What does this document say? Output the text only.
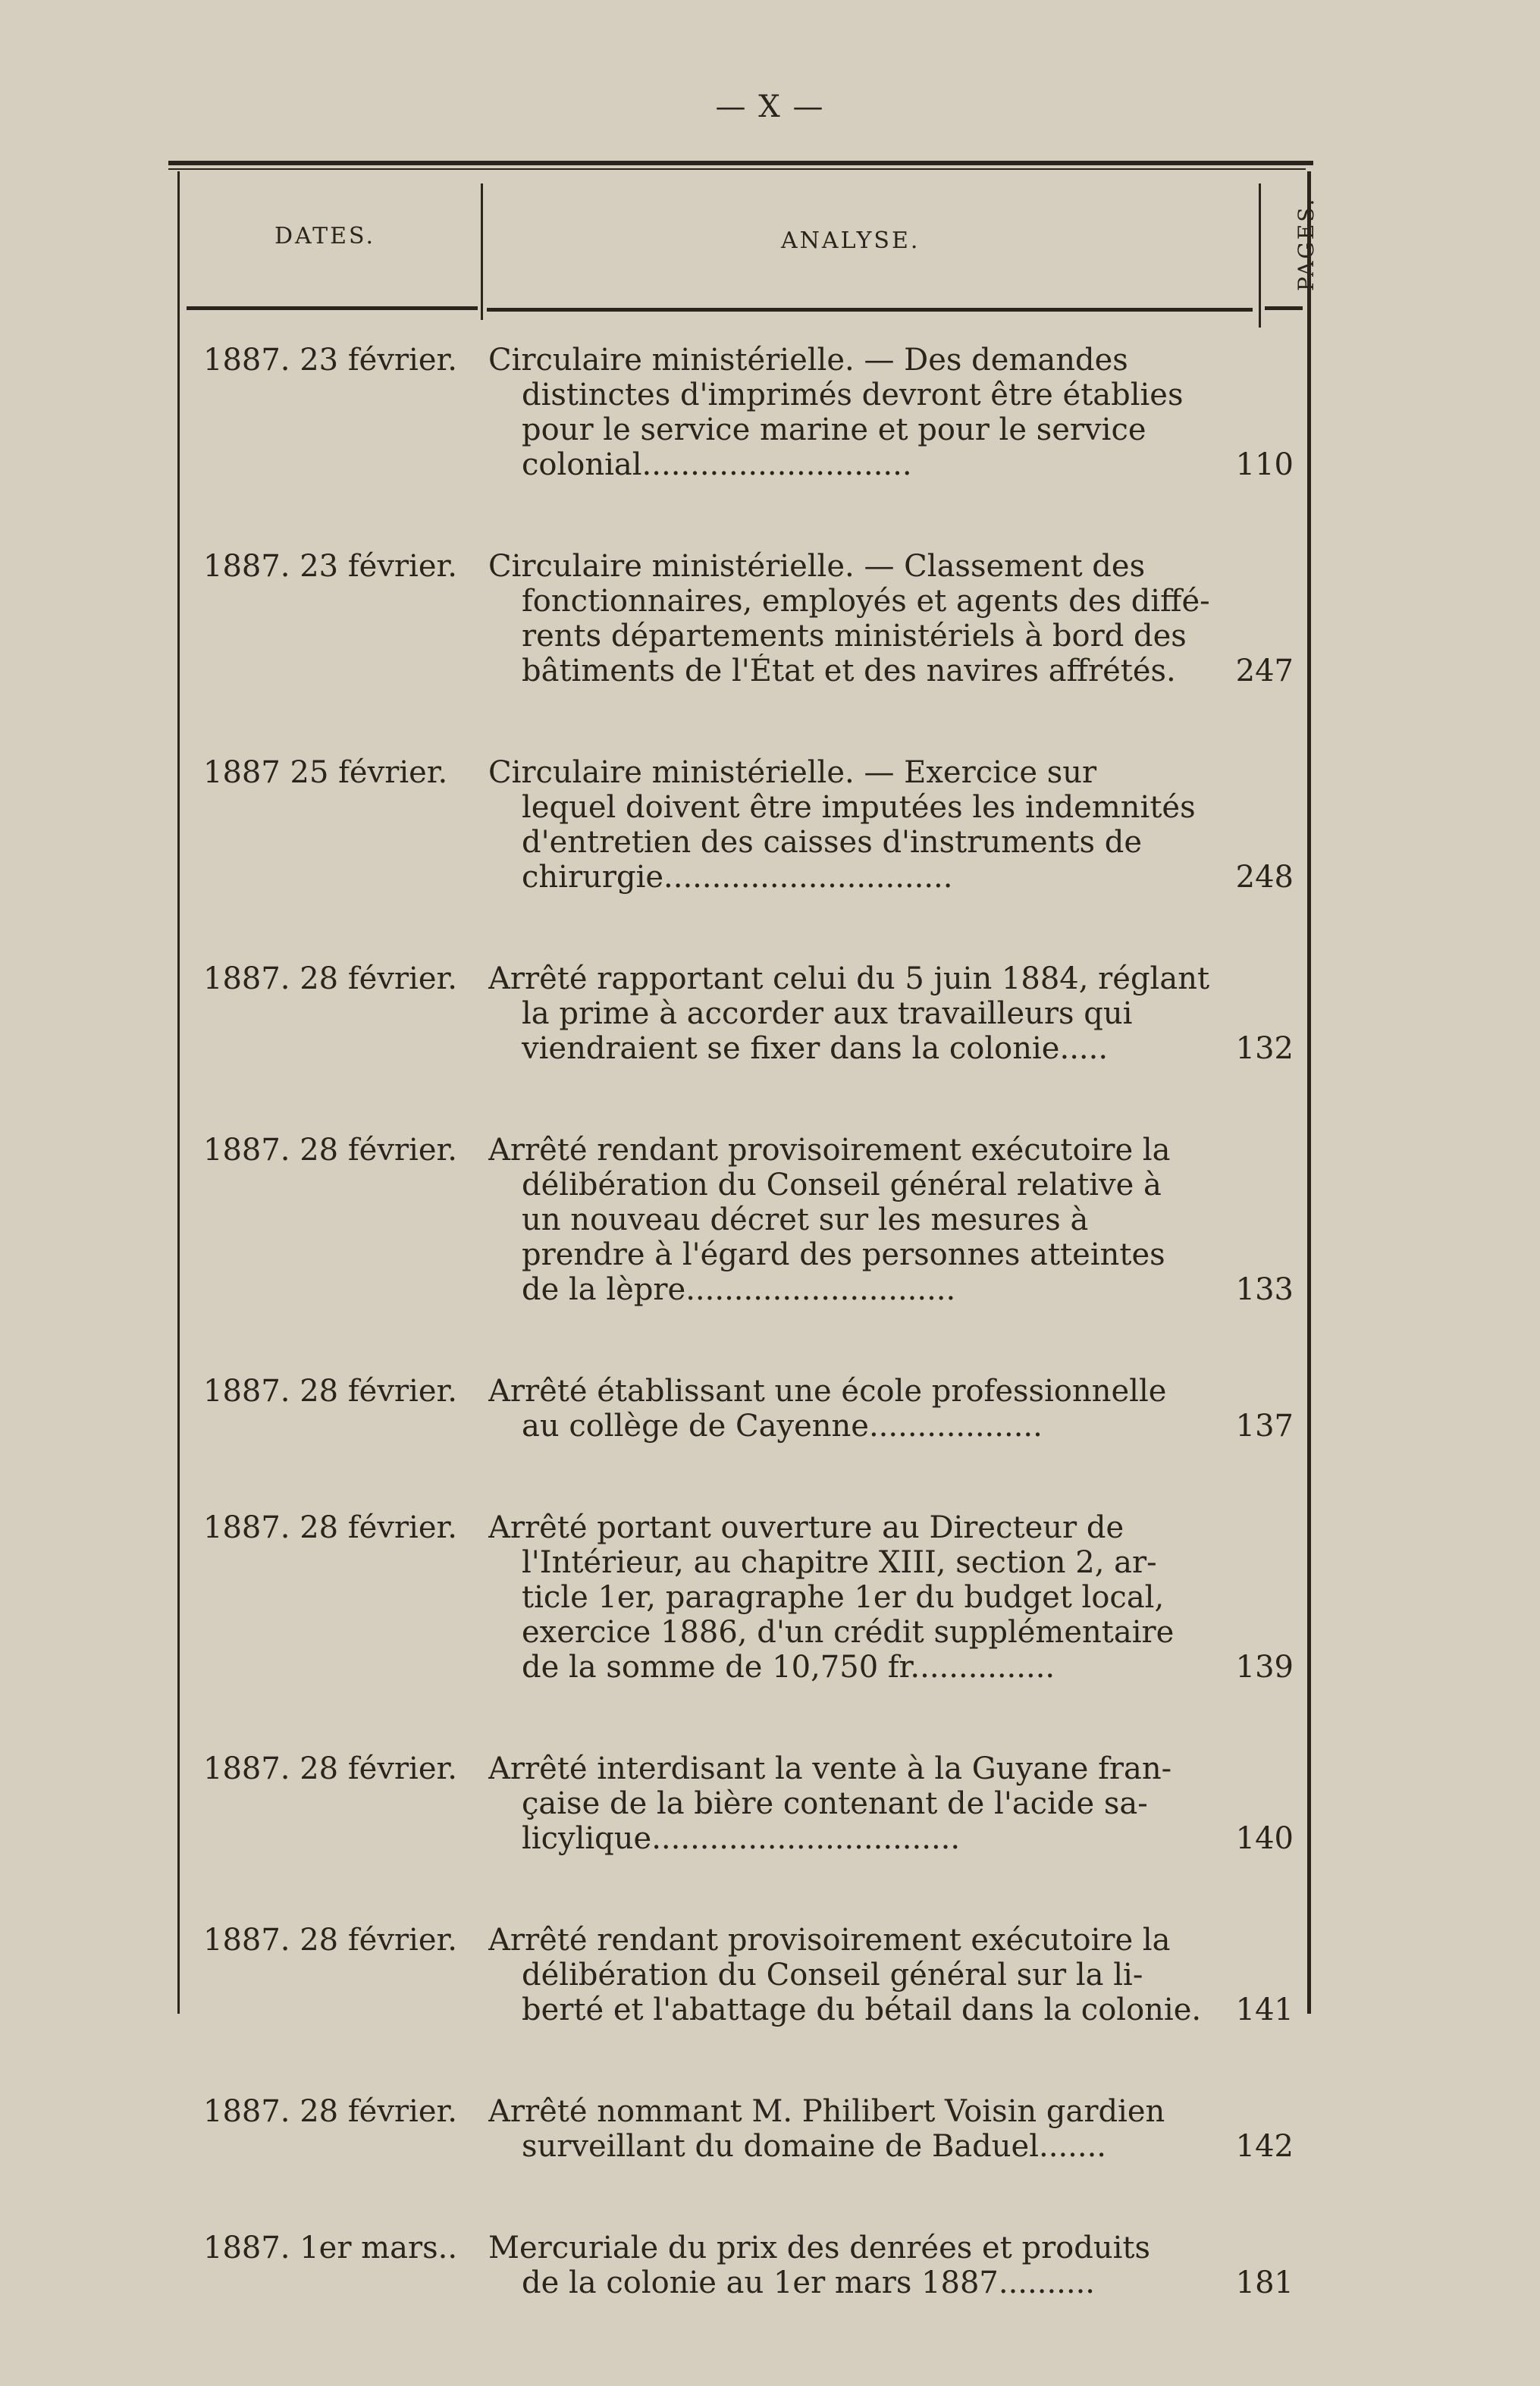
— X —
DATES.	ANALYSE.	PAGES.
1887. 23 février.	Circulaire ministérielle. — Des demandes
distinctes d'imprimés devront être établies
pour le service marine et pour le service
colonial............................	110
1887. 23 février.	Circulaire ministérielle. — Classement des
fonctionnaires, employés et agents des diffé-
rents départements ministériels à bord des
bâtiments de l'État et des navires affrétés.	247
1887 25 février.	Circulaire ministérielle. — Exercice sur
lequel doivent être imputées les indemnités
d'entretien des caisses d'instruments de
chirurgie..............................	248
1887. 28 février.	Arrêté rapportant celui du 5 juin 1884, réglant
la prime à accorder aux travailleurs qui
viendraient se fixer dans la colonie.....	132
1887. 28 février.	Arrêté rendant provisoirement exécutoire la
délibération du Conseil général relative à
un nouveau décret sur les mesures à
prendre à l'égard des personnes atteintes
de la lèpre............................	133
1887. 28 février.	Arrêté établissant une école professionnelle
au collège de Cayenne..................	137
1887. 28 février.	Arrêté portant ouverture au Directeur de
l'Intérieur, au chapitre XIII, section 2, ar-
ticle 1er, paragraphe 1er du budget local,
exercice 1886, d'un crédit supplémentaire
de la somme de 10,750 fr...............	139
1887. 28 février.	Arrêté interdisant la vente à la Guyane fran-
çaise de la bière contenant de l'acide sa-
licylique................................	140
1887. 28 février.	Arrêté rendant provisoirement exécutoire la
délibération du Conseil général sur la li-
berté et l'abattage du bétail dans la colonie.	141
1887. 28 février.	Arrêté nommant M. Philibert Voisin gardien
surveillant du domaine de Baduel.......	142
1887. 1er mars..	Mercuriale du prix des denrées et produits
de la colonie au 1er mars 1887..........	181
